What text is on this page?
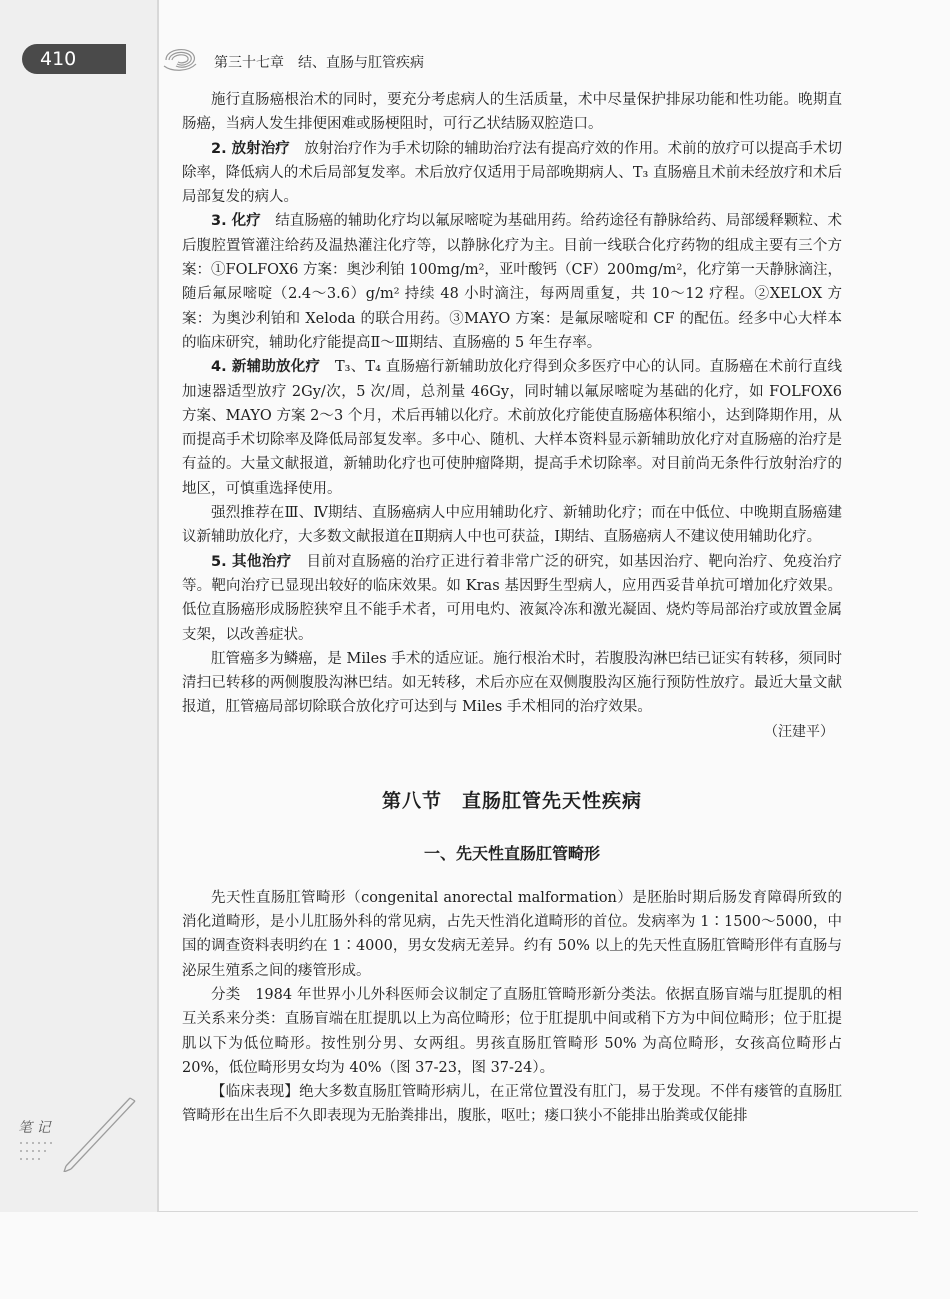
410	第三十七章　结、直肠与肛管疾病

施行直肠癌根治术的同时，要充分考虑病人的生活质量，术中尽量保护排尿功能和性功能。晚期直肠癌，当病人发生排便困难或肠梗阻时，可行乙状结肠双腔造口。

2. 放射治疗　放射治疗作为手术切除的辅助治疗法有提高疗效的作用。术前的放疗可以提高手术切除率，降低病人的术后局部复发率。术后放疗仅适用于局部晚期病人、T₃ 直肠癌且术前未经放疗和术后局部复发的病人。

3. 化疗　结直肠癌的辅助化疗均以氟尿嘧啶为基础用药。给药途径有静脉给药、局部缓释颗粒、术后腹腔置管灌注给药及温热灌注化疗等，以静脉化疗为主。目前一线联合化疗药物的组成主要有三个方案：①FOLFOX6 方案：奥沙利铂 100mg/m²，亚叶酸钙（CF）200mg/m²，化疗第一天静脉滴注，随后氟尿嘧啶（2.4～3.6）g/m² 持续 48 小时滴注，每两周重复，共 10～12 疗程。②XELOX 方案：为奥沙利铂和 Xeloda 的联合用药。③MAYO 方案：是氟尿嘧啶和 CF 的配伍。经多中心大样本的临床研究，辅助化疗能提高Ⅱ～Ⅲ期结、直肠癌的 5 年生存率。

4. 新辅助放化疗　T₃、T₄ 直肠癌行新辅助放化疗得到众多医疗中心的认同。直肠癌在术前行直线加速器适型放疗 2Gy/次，5 次/周，总剂量 46Gy，同时辅以氟尿嘧啶为基础的化疗，如 FOLFOX6 方案、MAYO 方案 2～3 个月，术后再辅以化疗。术前放化疗能使直肠癌体积缩小，达到降期作用，从而提高手术切除率及降低局部复发率。多中心、随机、大样本资料显示新辅助放化疗对直肠癌的治疗是有益的。大量文献报道，新辅助化疗也可使肿瘤降期，提高手术切除率。对目前尚无条件行放射治疗的地区，可慎重选择使用。

强烈推荐在Ⅲ、Ⅳ期结、直肠癌病人中应用辅助化疗、新辅助化疗；而在中低位、中晚期直肠癌建议新辅助放化疗，大多数文献报道在Ⅱ期病人中也可获益，Ⅰ期结、直肠癌病人不建议使用辅助化疗。

5. 其他治疗　目前对直肠癌的治疗正进行着非常广泛的研究，如基因治疗、靶向治疗、免疫治疗等。靶向治疗已显现出较好的临床效果。如 Kras 基因野生型病人，应用西妥昔单抗可增加化疗效果。低位直肠癌形成肠腔狭窄且不能手术者，可用电灼、液氮冷冻和激光凝固、烧灼等局部治疗或放置金属支架，以改善症状。

肛管癌多为鳞癌，是 Miles 手术的适应证。施行根治术时，若腹股沟淋巴结已证实有转移，须同时清扫已转移的两侧腹股沟淋巴结。如无转移，术后亦应在双侧腹股沟区施行预防性放疗。最近大量文献报道，肛管癌局部切除联合放化疗可达到与 Miles 手术相同的治疗效果。

（汪建平）

第八节　直肠肛管先天性疾病
一、先天性直肠肛管畸形

先天性直肠肛管畸形（congenital anorectal malformation）是胚胎时期后肠发育障碍所致的消化道畸形，是小儿肛肠外科的常见病，占先天性消化道畸形的首位。发病率为 1∶1500～5000，中国的调查资料表明约在 1∶4000，男女发病无差异。约有 50% 以上的先天性直肠肛管畸形伴有直肠与泌尿生殖系之间的瘘管形成。

分类　1984 年世界小儿外科医师会议制定了直肠肛管畸形新分类法。依据直肠盲端与肛提肌的相互关系来分类：直肠盲端在肛提肌以上为高位畸形；位于肛提肌中间或稍下方为中间位畸形；位于肛提肌以下为低位畸形。按性别分男、女两组。男孩直肠肛管畸形 50% 为高位畸形，女孩高位畸形占 20%，低位畸形男女均为 40%（图 37-23，图 37-24）。

【临床表现】绝大多数直肠肛管畸形病儿，在正常位置没有肛门，易于发现。不伴有瘘管的直肠肛管畸形在出生后不久即表现为无胎粪排出，腹胀，呕吐；瘘口狭小不能排出胎粪或仅能排

笔 记
